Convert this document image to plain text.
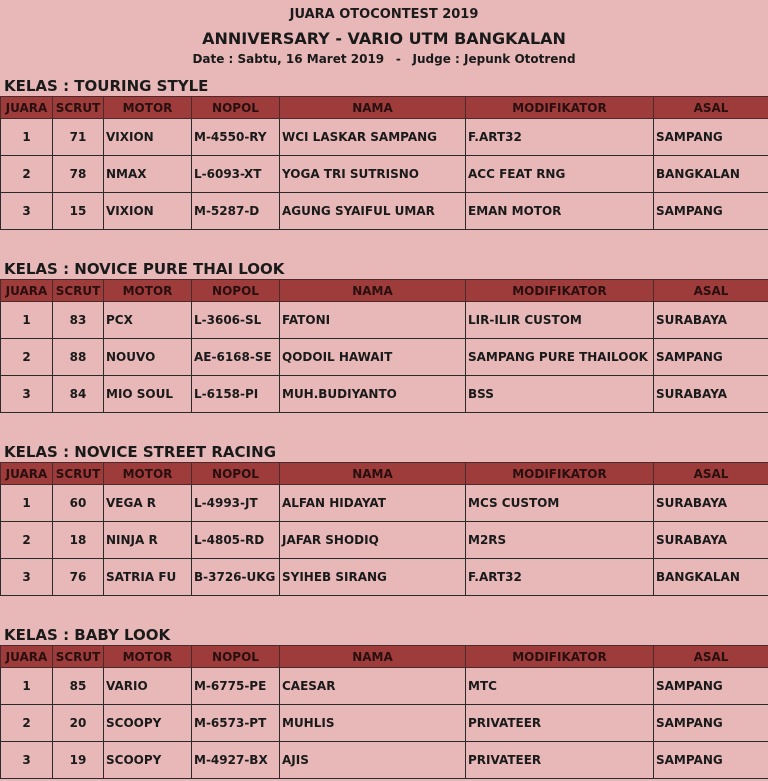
JUARA OTOCONTEST 2019
ANNIVERSARY - VARIO UTM BANGKALAN
Date : Sabtu, 16 Maret 2019 - Judge : Jepunk Ototrend
KELAS : TOURING STYLE
JUARA	SCRUT	MOTOR	NOPOL	NAMA	MODIFIKATOR	ASAL
1	71	VIXION	M-4550-RY	WCI LASKAR SAMPANG	F.ART32	SAMPANG
2	78	NMAX	L-6093-XT	YOGA TRI SUTRISNO	ACC FEAT RNG	BANGKALAN
3	15	VIXION	M-5287-D	AGUNG SYAIFUL UMAR	EMAN MOTOR	SAMPANG
KELAS : NOVICE PURE THAI LOOK
JUARA	SCRUT	MOTOR	NOPOL	NAMA	MODIFIKATOR	ASAL
1	83	PCX	L-3606-SL	FATONI	LIR-ILIR CUSTOM	SURABAYA
2	88	NOUVO	AE-6168-SE	QODOIL HAWAIT	SAMPANG PURE THAILOOK	SAMPANG
3	84	MIO SOUL	L-6158-PI	MUH.BUDIYANTO	BSS	SURABAYA
KELAS : NOVICE STREET RACING
JUARA	SCRUT	MOTOR	NOPOL	NAMA	MODIFIKATOR	ASAL
1	60	VEGA R	L-4993-JT	ALFAN HIDAYAT	MCS CUSTOM	SURABAYA
2	18	NINJA R	L-4805-RD	JAFAR SHODIQ	M2RS	SURABAYA
3	76	SATRIA FU	B-3726-UKG	SYIHEB SIRANG	F.ART32	BANGKALAN
KELAS : BABY LOOK
JUARA	SCRUT	MOTOR	NOPOL	NAMA	MODIFIKATOR	ASAL
1	85	VARIO	M-6775-PE	CAESAR	MTC	SAMPANG
2	20	SCOOPY	M-6573-PT	MUHLIS	PRIVATEER	SAMPANG
3	19	SCOOPY	M-4927-BX	AJIS	PRIVATEER	SAMPANG
